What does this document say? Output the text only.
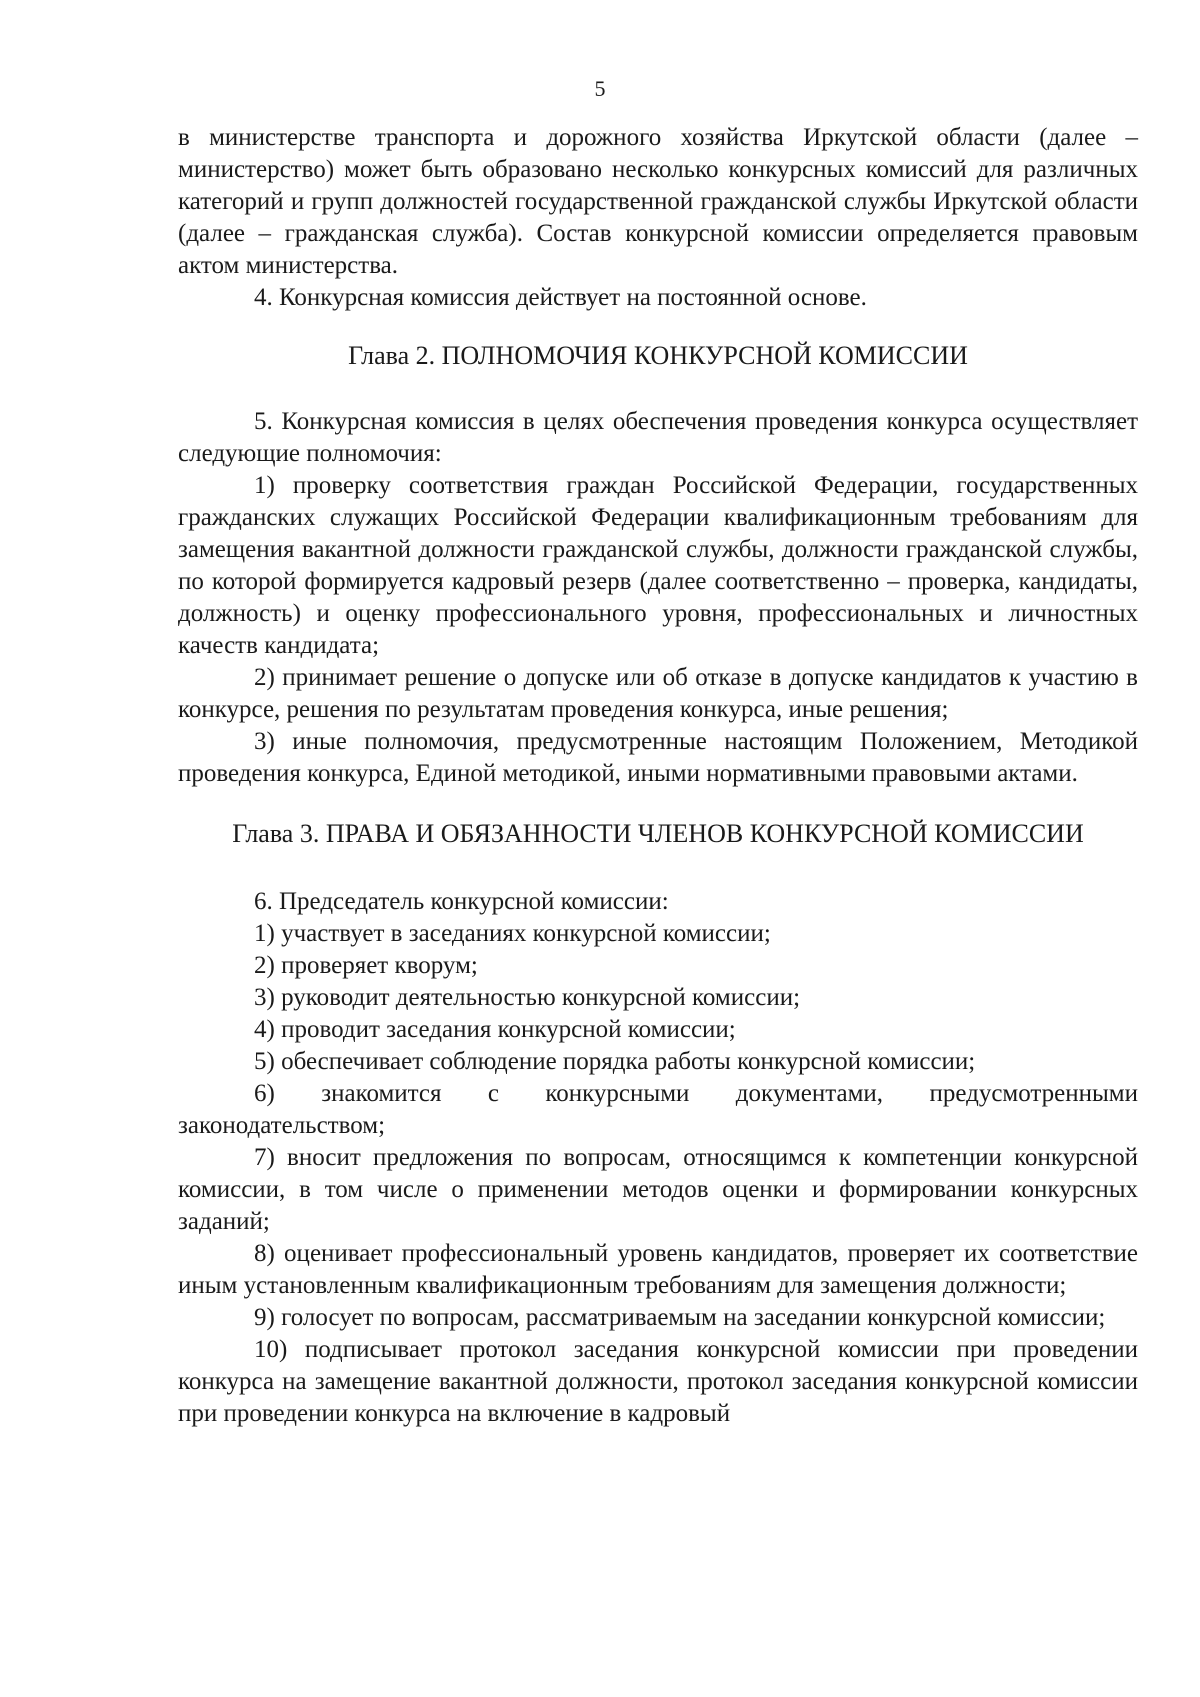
5

в министерстве транспорта и дорожного хозяйства Иркутской области (далее – министерство) может быть образовано несколько конкурсных комиссий для различных категорий и групп должностей государственной гражданской службы Иркутской области (далее – гражданская служба). Состав конкурсной комиссии определяется правовым актом министерства.

4. Конкурсная комиссия действует на постоянной основе.

Глава 2. ПОЛНОМОЧИЯ КОНКУРСНОЙ КОМИССИИ

5. Конкурсная комиссия в целях обеспечения проведения конкурса осуществляет следующие полномочия:

1) проверку соответствия граждан Российской Федерации, государственных гражданских служащих Российской Федерации квалификационным требованиям для замещения вакантной должности гражданской службы, должности гражданской службы, по которой формируется кадровый резерв (далее соответственно – проверка, кандидаты, должность) и оценку профессионального уровня, профессиональных и личностных качеств кандидата;

2) принимает решение о допуске или об отказе в допуске кандидатов к участию в конкурсе, решения по результатам проведения конкурса, иные решения;

3) иные полномочия, предусмотренные настоящим Положением, Методикой проведения конкурса, Единой методикой, иными нормативными правовыми актами.

Глава 3. ПРАВА И ОБЯЗАННОСТИ ЧЛЕНОВ КОНКУРСНОЙ КОМИССИИ

6. Председатель конкурсной комиссии:

1) участвует в заседаниях конкурсной комиссии;

2) проверяет кворум;

3) руководит деятельностью конкурсной комиссии;

4) проводит заседания конкурсной комиссии;

5) обеспечивает соблюдение порядка работы конкурсной комиссии;

6) знакомится с конкурсными документами, предусмотренными законодательством;

7) вносит предложения по вопросам, относящимся к компетенции конкурсной комиссии, в том числе о применении методов оценки и формировании конкурсных заданий;

8) оценивает профессиональный уровень кандидатов, проверяет их соответствие иным установленным квалификационным требованиям для замещения должности;

9) голосует по вопросам, рассматриваемым на заседании конкурсной комиссии;

10) подписывает протокол заседания конкурсной комиссии при проведении конкурса на замещение вакантной должности, протокол заседания конкурсной комиссии при проведении конкурса на включение в кадровый
